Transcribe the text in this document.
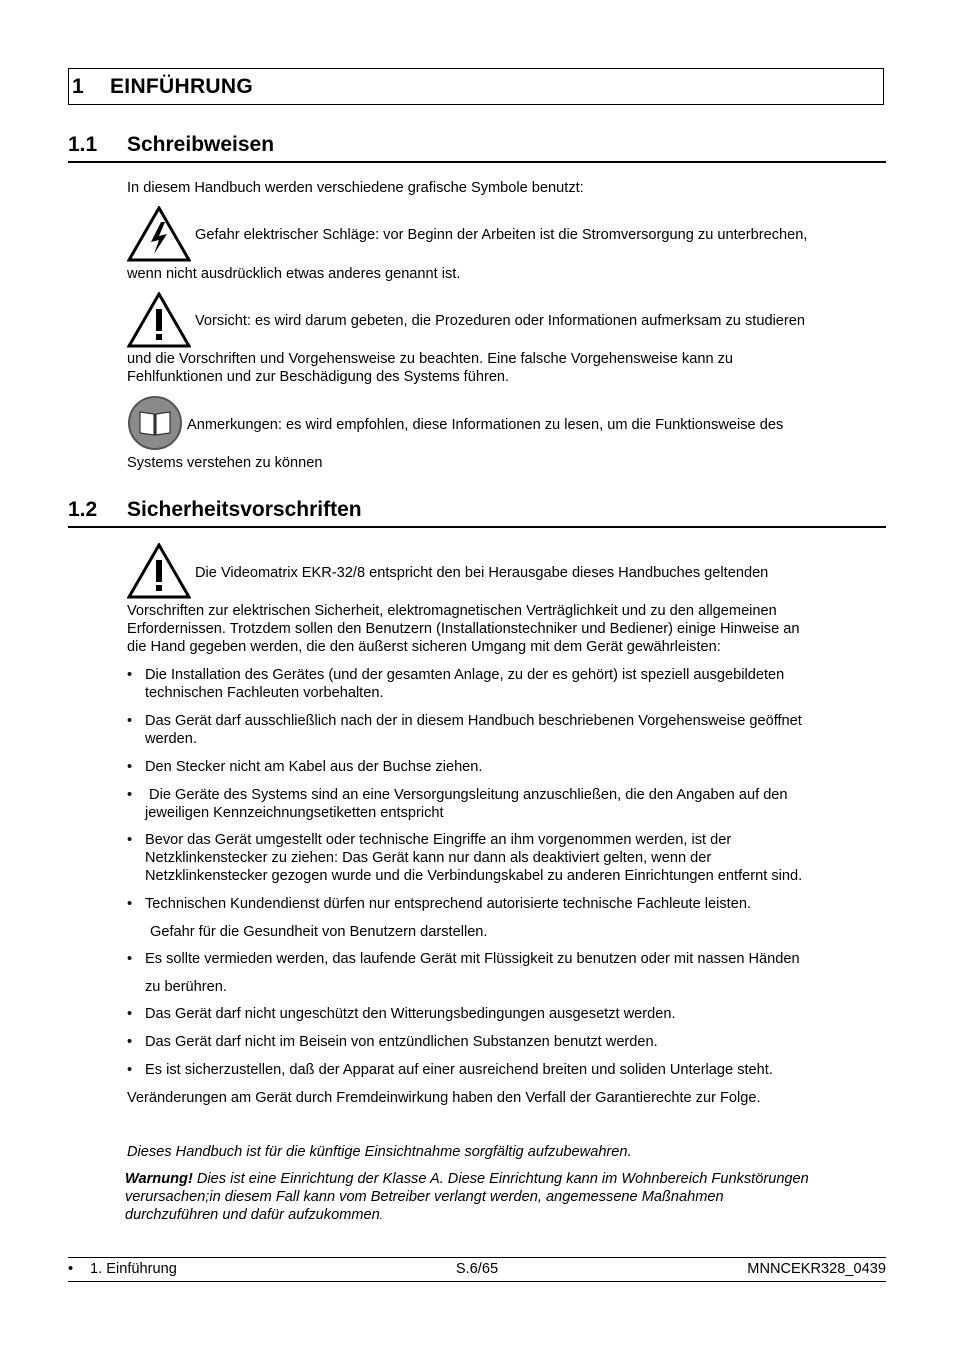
1	EINFÜHRUNG
1.1	Schreibweisen
In diesem Handbuch werden verschiedene grafische Symbole benutzt:
Gefahr elektrischer Schläge: vor Beginn der Arbeiten ist die Stromversorgung zu unterbrechen,
wenn nicht ausdrücklich etwas anderes genannt ist.
Vorsicht: es wird darum gebeten, die Prozeduren oder Informationen aufmerksam zu studieren
und die Vorschriften und Vorgehensweise zu beachten. Eine falsche Vorgehensweise kann zu
Fehlfunktionen und zur Beschädigung des Systems führen.
Anmerkungen: es wird empfohlen, diese Informationen zu lesen, um die Funktionsweise des
Systems verstehen zu können
1.2	Sicherheitsvorschriften
Die Videomatrix EKR-32/8 entspricht den bei Herausgabe dieses Handbuches geltenden
Vorschriften zur elektrischen Sicherheit, elektromagnetischen Verträglichkeit und zu den allgemeinen
Erfordernissen. Trotzdem sollen den Benutzern (Installationstechniker und Bediener) einige Hinweise an
die Hand gegeben werden, die den äußerst sicheren Umgang mit dem Gerät gewährleisten:
• Die Installation des Gerätes (und der gesamten Anlage, zu der es gehört) ist speziell ausgebildeten
technischen Fachleuten vorbehalten.
• Das Gerät darf ausschließlich nach der in diesem Handbuch beschriebenen Vorgehensweise geöffnet
werden.
• Den Stecker nicht am Kabel aus der Buchse ziehen.
• Die Geräte des Systems sind an eine Versorgungsleitung anzuschließen, die den Angaben auf den
jeweiligen Kennzeichnungsetiketten entspricht
• Bevor das Gerät umgestellt oder technische Eingriffe an ihm vorgenommen werden, ist der
Netzklinkenstecker zu ziehen: Das Gerät kann nur dann als deaktiviert gelten, wenn der
Netzklinkenstecker gezogen wurde und die Verbindungskabel zu anderen Einrichtungen entfernt sind.
• Technischen Kundendienst dürfen nur entsprechend autorisierte technische Fachleute leisten.
Gefahr für die Gesundheit von Benutzern darstellen.
• Es sollte vermieden werden, das laufende Gerät mit Flüssigkeit zu benutzen oder mit nassen Händen
zu berühren.
• Das Gerät darf nicht ungeschützt den Witterungsbedingungen ausgesetzt werden.
• Das Gerät darf nicht im Beisein von entzündlichen Substanzen benutzt werden.
• Es ist sicherzustellen, daß der Apparat auf einer ausreichend breiten und soliden Unterlage steht.
Veränderungen am Gerät durch Fremdeinwirkung haben den Verfall der Garantierechte zur Folge.
Dieses Handbuch ist für die künftige Einsichtnahme sorgfältig aufzubewahren.
Warnung! Dies ist eine Einrichtung der Klasse A. Diese Einrichtung kann im Wohnbereich Funkstörungen
verursachen;in diesem Fall kann vom Betreiber verlangt werden, angemessene Maßnahmen
durchzuführen und dafür aufzukommen.
• 1. Einführung	S.6/65	MNNCEKR328_0439
